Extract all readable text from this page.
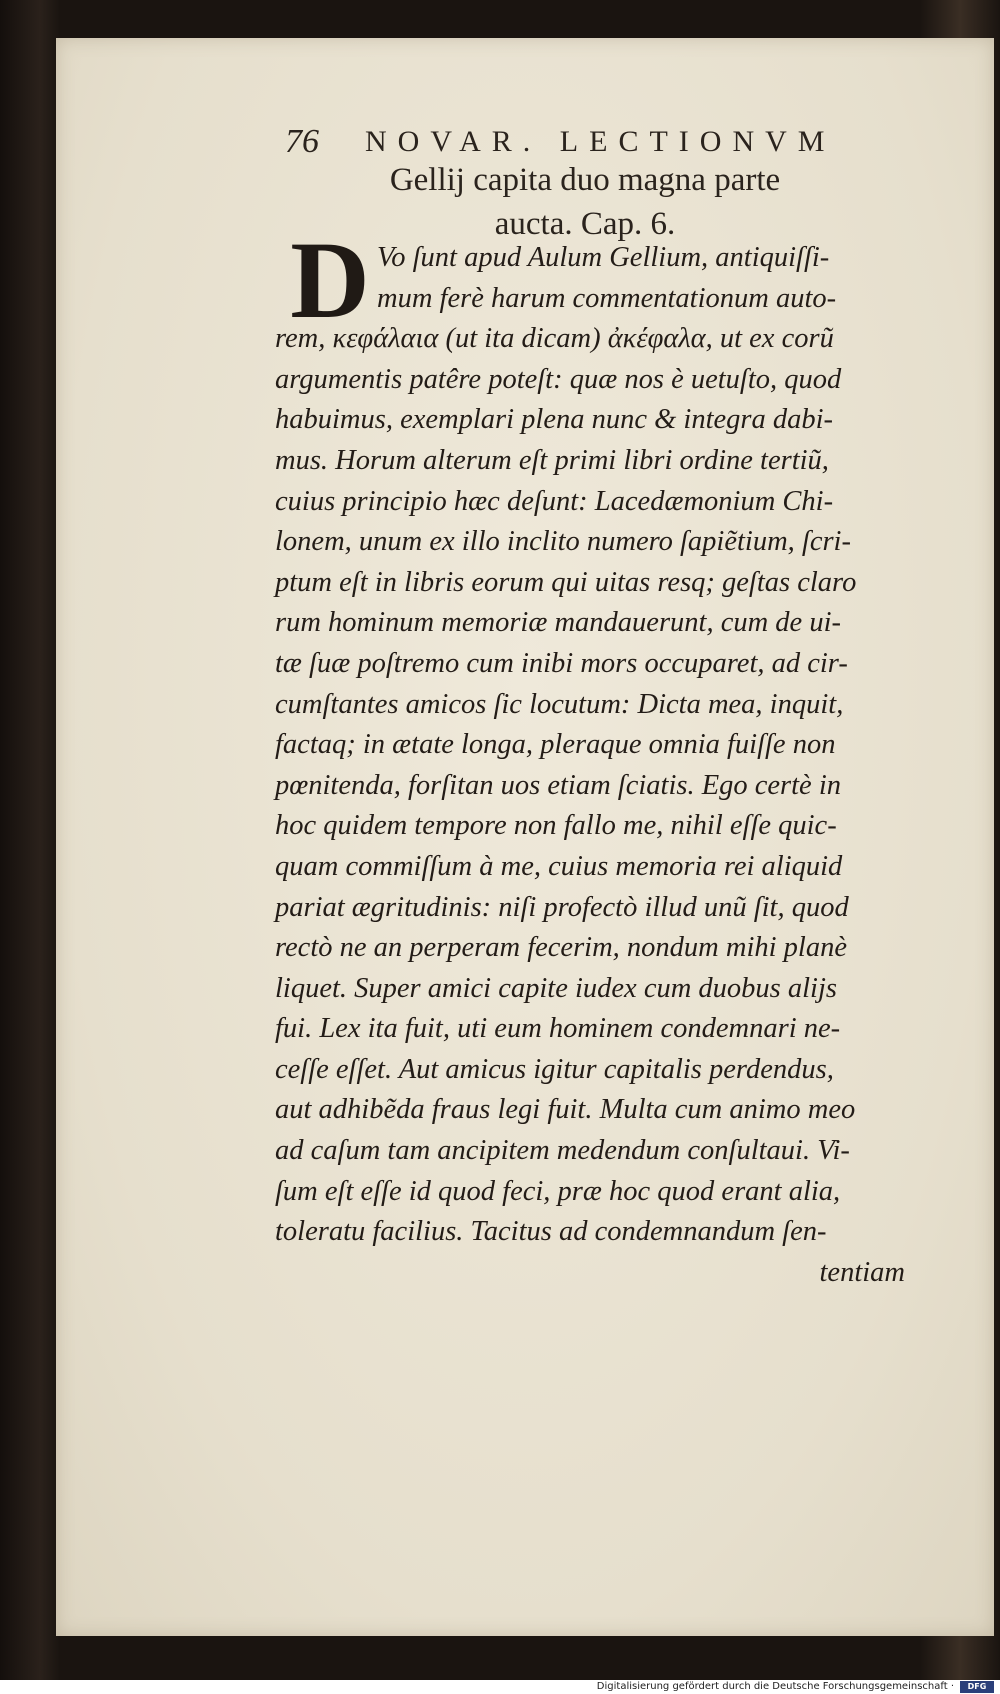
76 NOVAR. LECTIONVM
Gellij capita duo magna parte
aucta. Cap. 6.
D Vo ſunt apud Aulum Gellium, antiquiſſi-
mum ferè harum commentationum auto-
rem, κεφάλαια (ut ita dicam) ἀκέφαλα, ut ex corũ
argumentis patêre poteſt: quæ nos è uetuſto, quod
habuimus, exemplari plena nunc & integra dabi-
mus. Horum alterum eſt primi libri ordine tertiũ,
cuius principio hæc deſunt: Lacedæmonium Chi-
lonem, unum ex illo inclito numero ſapiẽtium, ſcri-
ptum eſt in libris eorum qui uitas resq; geſtas claro
rum hominum memoriæ mandauerunt, cum de ui-
tæ ſuæ poſtremo cum inibi mors occuparet, ad cir-
cumſtantes amicos ſic locutum: Dicta mea, inquit,
factaq; in ætate longa, pleraque omnia fuiſſe non
pœnitenda, forſitan uos etiam ſciatis. Ego certè in
hoc quidem tempore non fallo me, nihil eſſe quic-
quam commiſſum à me, cuius memoria rei aliquid
pariat ægritudinis: niſi profectò illud unũ ſit, quod
rectò ne an perperam fecerim, nondum mihi planè
liquet. Super amici capite iudex cum duobus alijs
fui. Lex ita fuit, uti eum hominem condemnari ne-
ceſſe eſſet. Aut amicus igitur capitalis perdendus,
aut adhibẽda fraus legi fuit. Multa cum animo meo
ad caſum tam ancipitem medendum conſultaui. Vi-
ſum eſt eſſe id quod feci, præ hoc quod erant alia,
toleratu facilius. Tacitus ad condemnandum ſen-
tentiam
Digitalisierung gefördert durch die Deutsche Forschungsgemeinschaft ·	DFG
